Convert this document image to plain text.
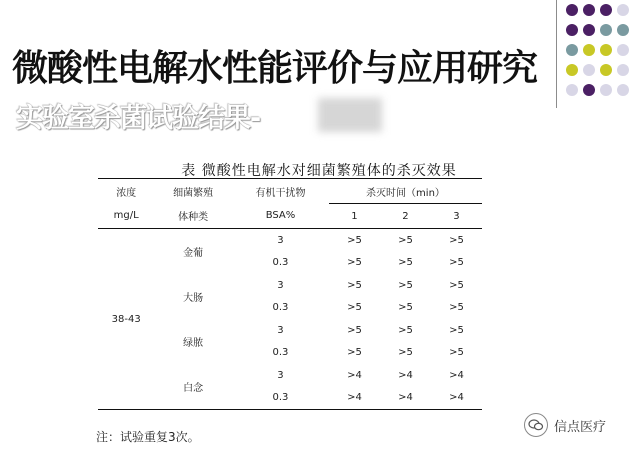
微酸性电解水性能评价与应用研究
实验室杀菌试验结果-
表 微酸性电解水对细菌繁殖体的杀灭效果
浓度	细菌繁殖	有机干扰物	杀灭时间（min）		
mg/L	体种类	BSA%	1	2	3
38-43	金葡	3	>5	>5	>5
		0.3	>5	>5	>5
	大肠	3	>5	>5	>5
		0.3	>5	>5	>5
	绿脓	3	>5	>5	>5
		0.3	>5	>5	>5
	白念	3	>4	>4	>4
		0.3	>4	>4	>4
注：试验重复3次。
信点医疗
